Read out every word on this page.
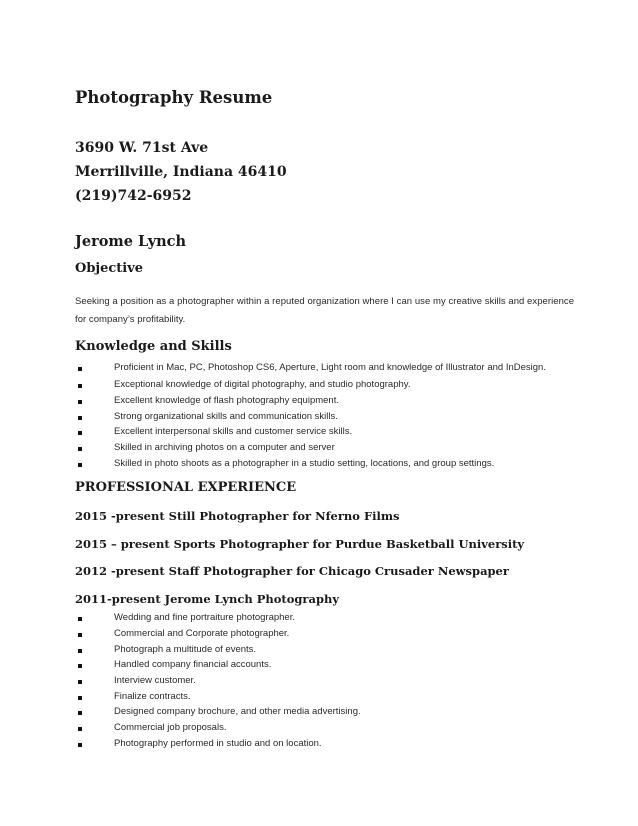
Photography Resume
3690 W. 71st Ave
Merrillville, Indiana 46410
(219)742-6952
Jerome Lynch
Objective
Seeking a position as a photographer within a reputed organization where I can use my creative skills and experience
for company’s profitability.
Knowledge and Skills
Proficient in Mac, PC, Photoshop CS6, Aperture, Light room and knowledge of Illustrator and InDesign.
Exceptional knowledge of digital photography, and studio photography.
Excellent knowledge of flash photography equipment.
Strong organizational skills and communication skills.
Excellent interpersonal skills and customer service skills.
Skilled in archiving photos on a computer and server
Skilled in photo shoots as a photographer in a studio setting, locations, and group settings.
PROFESSIONAL EXPERIENCE
2015 -present Still Photographer for Nferno Films
2015 – present Sports Photographer for Purdue Basketball University
2012 -present Staff Photographer for Chicago Crusader Newspaper
2011-present Jerome Lynch Photography
Wedding and fine portraiture photographer.
Commercial and Corporate photographer.
Photograph a multitude of events.
Handled company financial accounts.
Interview customer.
Finalize contracts.
Designed company brochure, and other media advertising.
Commercial job proposals.
Photography performed in studio and on location.
